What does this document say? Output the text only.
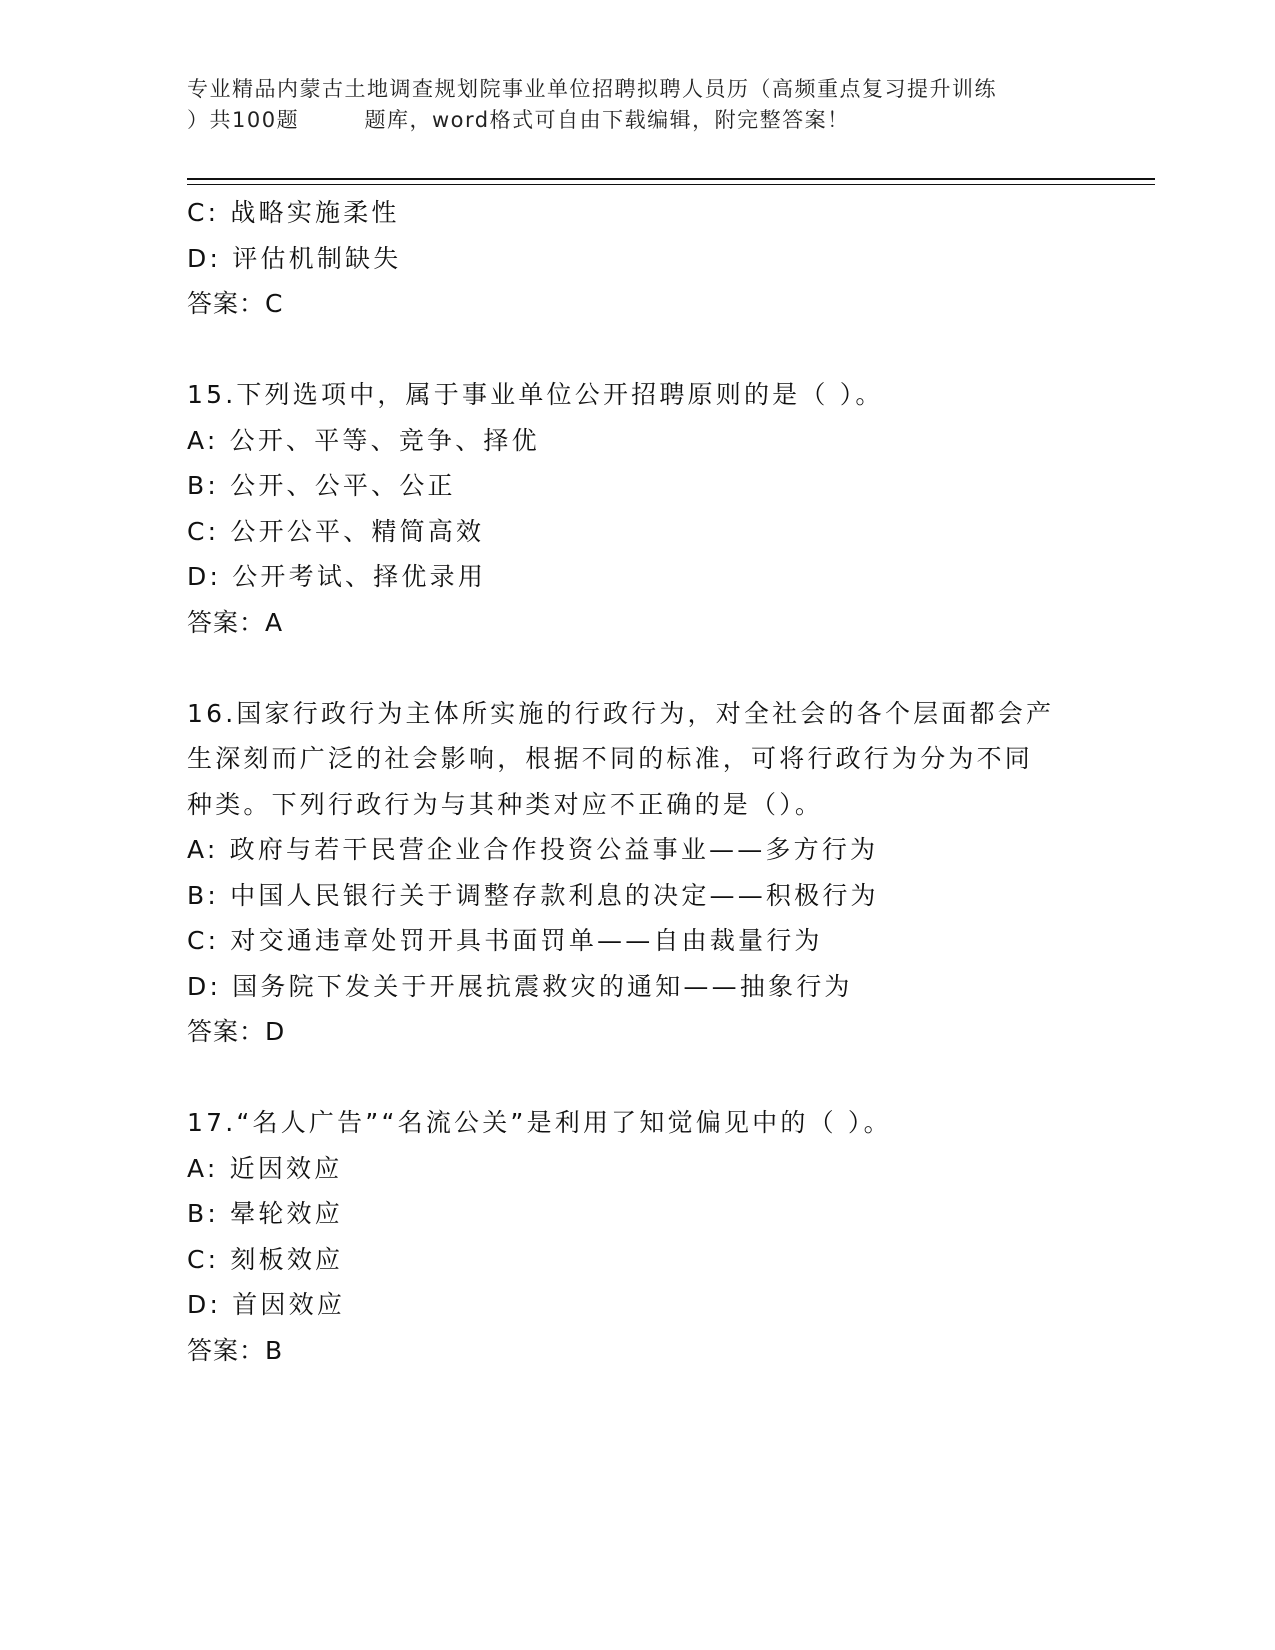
专业精品内蒙古土地调查规划院事业单位招聘拟聘人员历（高频重点复习提升训练
）共100题        题库，word格式可自由下载编辑，附完整答案！
C: 战略实施柔性
D: 评估机制缺失
答案：C
15.下列选项中，属于事业单位公开招聘原则的是（ ）。
A: 公开、平等、竞争、择优
B: 公开、公平、公正
C: 公开公平、精简高效
D: 公开考试、择优录用
答案：A
16.国家行政行为主体所实施的行政行为，对全社会的各个层面都会产
生深刻而广泛的社会影响，根据不同的标准，可将行政行为分为不同
种类。下列行政行为与其种类对应不正确的是（）。
A: 政府与若干民营企业合作投资公益事业——多方行为
B: 中国人民银行关于调整存款利息的决定——积极行为
C: 对交通违章处罚开具书面罚单——自由裁量行为
D: 国务院下发关于开展抗震救灾的通知——抽象行为
答案：D
17.“名人广告”“名流公关”是利用了知觉偏见中的（ ）。
A: 近因效应
B: 晕轮效应
C: 刻板效应
D: 首因效应
答案：B
